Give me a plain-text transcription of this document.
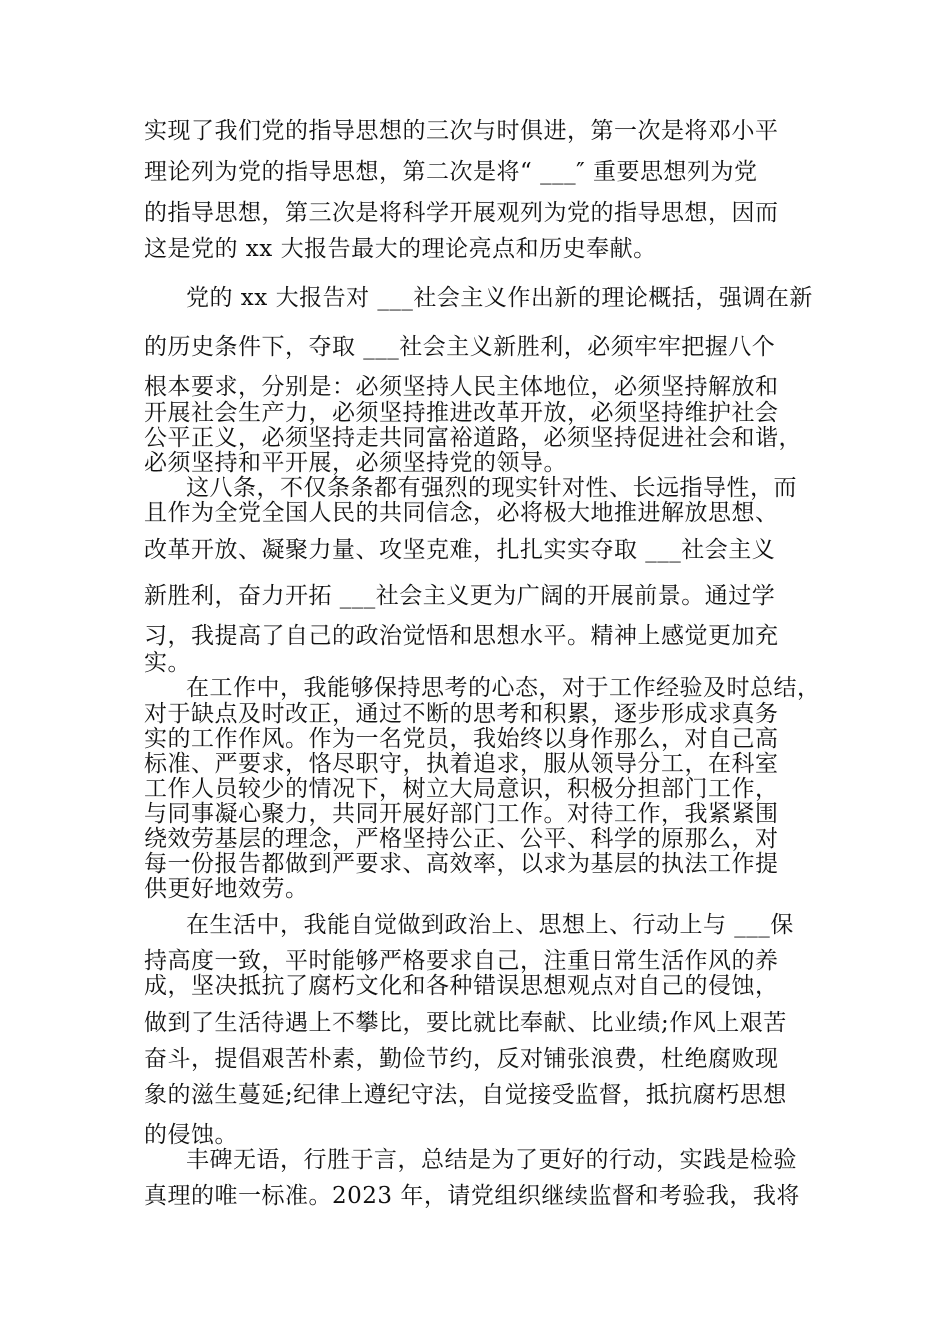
实现了我们党的指导思想的三次与时俱进，第一次是将邓小平
理论列为党的指导思想，第二次是将“ ___″ 重要思想列为党
的指导思想，第三次是将科学开展观列为党的指导思想，因而
这是党的 xx 大报告最大的理论亮点和历史奉献。
党的 xx 大报告对 ___社会主义作出新的理论概括，强调在新
的历史条件下，夺取 ___社会主义新胜利，必须牢牢把握八个
根本要求，分别是：必须坚持人民主体地位，必须坚持解放和
开展社会生产力，必须坚持推进改革开放，必须坚持维护社会
公平正义，必须坚持走共同富裕道路，必须坚持促进社会和谐，
必须坚持和平开展，必须坚持党的领导。
这八条，不仅条条都有强烈的现实针对性、长远指导性，而
且作为全党全国人民的共同信念，必将极大地推进解放思想、
改革开放、凝聚力量、攻坚克难，扎扎实实夺取 ___社会主义
新胜利，奋力开拓 ___社会主义更为广阔的开展前景。通过学
习，我提高了自己的政治觉悟和思想水平。精神上感觉更加充
实。
在工作中，我能够保持思考的心态，对于工作经验及时总结，
对于缺点及时改正，通过不断的思考和积累，逐步形成求真务
实的工作作风。作为一名党员，我始终以身作那么，对自己高
标准、严要求，恪尽职守，执着追求，服从领导分工，在科室
工作人员较少的情况下，树立大局意识，积极分担部门工作，
与同事凝心聚力，共同开展好部门工作。对待工作，我紧紧围
绕效劳基层的理念，严格坚持公正、公平、科学的原那么，对
每一份报告都做到严要求、高效率，以求为基层的执法工作提
供更好地效劳。
在生活中，我能自觉做到政治上、思想上、行动上与 ___保
持高度一致，平时能够严格要求自己，注重日常生活作风的养
成，坚决抵抗了腐朽文化和各种错误思想观点对自己的侵蚀，
做到了生活待遇上不攀比，要比就比奉献、比业绩;作风上艰苦
奋斗，提倡艰苦朴素，勤俭节约，反对铺张浪费，杜绝腐败现
象的滋生蔓延;纪律上遵纪守法，自觉接受监督，抵抗腐朽思想
的侵蚀。
丰碑无语，行胜于言，总结是为了更好的行动，实践是检验
真理的唯一标准。2023 年，请党组织继续监督和考验我，我将
